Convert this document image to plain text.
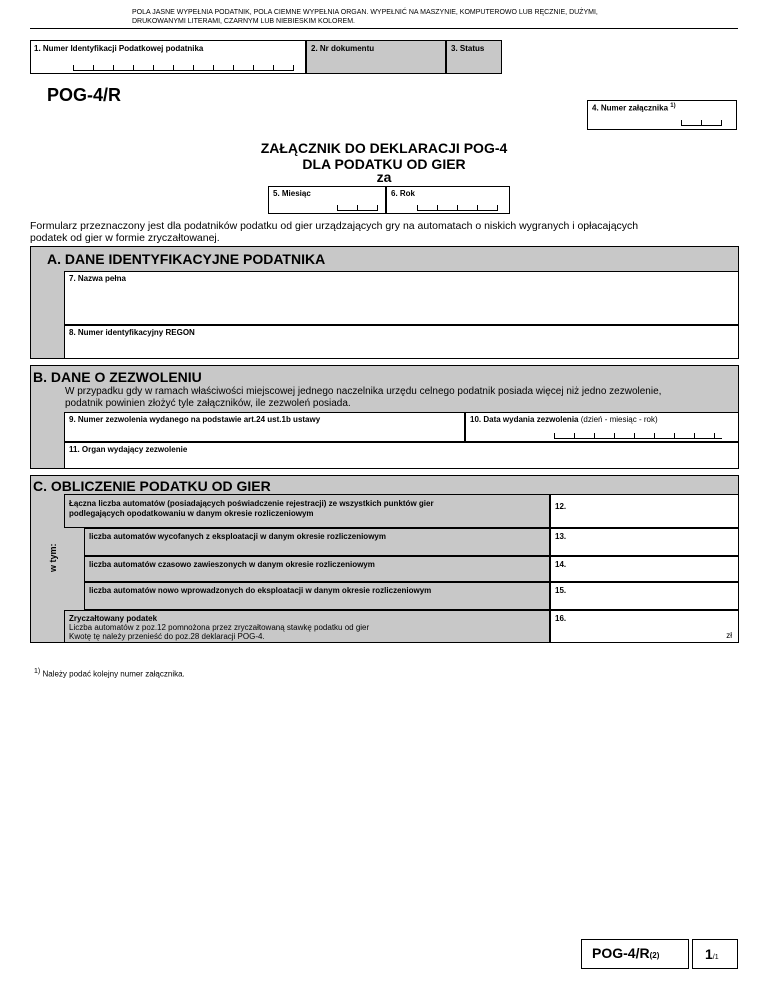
POLA JASNE WYPEŁNIA PODATNIK, POLA CIEMNE WYPEŁNIA ORGAN. WYPEŁNIĆ NA MASZYNIE, KOMPUTEROWO LUB RĘCZNIE, DUŻYMI,
DRUKOWANYMI LITERAMI, CZARNYM LUB NIEBIESKIM KOLOREM.
1. Numer Identyfikacji Podatkowej podatnika	2. Nr dokumentu	3. Status
POG-4/R
4. Numer załącznika $^{1)}$
ZAŁĄCZNIK DO DEKLARACJI POG-4
DLA PODATKU OD GIER
za
5. Miesiąc	6. Rok
Formularz przeznaczony jest dla podatników podatku od gier urządzających gry na automatach o niskich wygranych i opłacających
podatek od gier w formie zryczałtowanej.
A. DANE IDENTYFIKACYJNE PODATNIKA
7. Nazwa pełna
8. Numer identyfikacyjny REGON
B. DANE O ZEZWOLENIU
W przypadku gdy w ramach właściwości miejscowej jednego naczelnika urzędu celnego podatnik posiada więcej niż jedno zezwolenie,
podatnik powinien złożyć tyle załączników, ile zezwoleń posiada.
9. Numer zezwolenia wydanego na podstawie art.24 ust.1b ustawy	10. Data wydania zezwolenia (dzień - miesiąc - rok)
11. Organ wydający zezwolenie
C. OBLICZENIE PODATKU OD GIER
Łączna liczba automatów (posiadających poświadczenie rejestracji) ze wszystkich punktów gier
podlegających opodatkowaniu w danym okresie rozliczeniowym
12.
w tym:
liczba automatów wycofanych z eksploatacji w danym okresie rozliczeniowym	13.
liczba automatów czasowo zawieszonych w danym okresie rozliczeniowym	14.
liczba automatów nowo wprowadzonych do eksploatacji w danym okresie rozliczeniowym	15.
Zryczałtowany podatek
Liczba automatów z poz.12 pomnożona przez zryczałtowaną stawkę podatku od gier
Kwotę tę należy przenieść do poz.28 deklaracji POG-4.
16.
zł
$^{1)}$ Należy podać kolejny numer załącznika.
POG-4/R(2)	1/1
